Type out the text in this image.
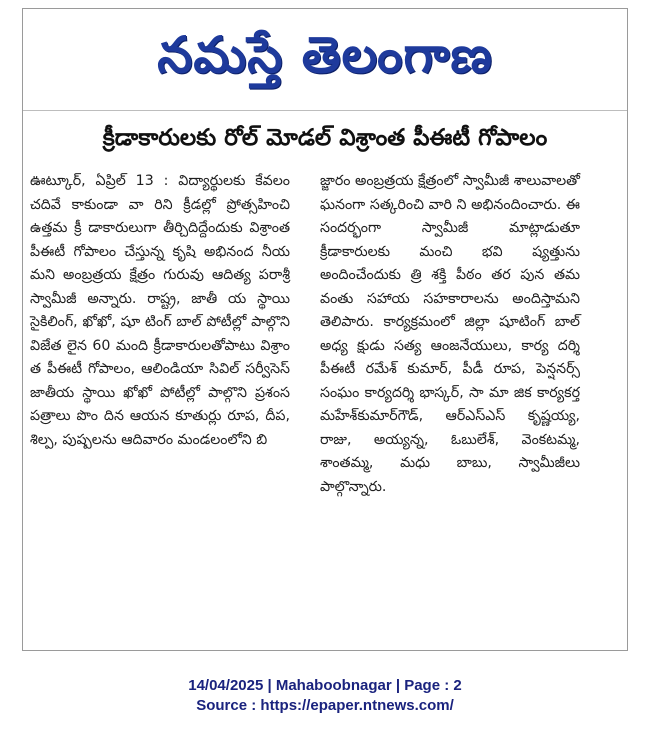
నమస్తే తెలంగాణ
క్రీడాకారులకు రోల్ మోడల్ విశ్రాంత పీఈటీ గోపాలం

ఊట్కూర్, ఏప్రిల్ 13 : విద్యార్థులకు కేవలం చదివే కాకుండా వా రిని క్రీడల్లో ప్రోత్సహించి ఉత్తమ క్రీ డాకారులుగా తీర్చిదిద్దేందుకు విశ్రాంత పీఈటీ గోపాలం చేస్తున్న కృషి అభినంద నీయ మని అంబ్రత్రయ క్షేత్రం గురువు ఆదిత్య పరాశ్రీ స్వామీజీ అన్నారు. రాష్ట్ర, జాతీ య స్థాయి సైకిలింగ్, ఖోఖో, షూ టింగ్ బాల్ పోటీల్లో పాల్గొని విజేత లైన 60 మంది క్రీడాకారులతోపాటు విశ్రాం త పీఈటీ గోపాలం, ఆలిండియా సివిల్ సర్వీసెస్ జాతీయ స్థాయి ఖోఖో పోటీల్లో పాల్గొని ప్రశంస పత్రాలు పొం దిన ఆయన కూతుర్లు రూప, దీప, శిల్ప, పుష్పలను ఆదివారం మండలంలోని బి

జ్జారం అంబ్రత్రయ క్షేత్రంలో స్వామీజీ శాలువాలతో ఘనంగా సత్కరించి వారి ని అభినందించారు. ఈ సందర్భంగా స్వామీజీ మాట్లాడుతూ క్రీడాకారులకు మంచి భవి ష్యత్తును అందించేందుకు త్రి శక్తి పీఠం తర పున తమ వంతు సహాయ సహకారాలను అందిస్తామని తెలిపారు. కార్యక్రమంలో జిల్లా షూటింగ్ బాల్ అధ్య క్షుడు సత్య ఆంజనేయులు, కార్య దర్శి పీఈటీ రమేశ్ కుమార్, పీడీ రూప, పెన్షనర్స్ సంఘం కార్యదర్శి భాస్కర్, సా మా జిక కార్యకర్త మహేశ్‌కుమార్‌గౌడ్, ఆర్ఎస్ఎస్ కృష్ణయ్య, రాజు, అయ్యన్న, ఓబులేశ్, వెంకటమ్మ, శాంతమ్మ, మధు బాబు, స్వామీజీలు పాల్గొన్నారు.

14/04/2025 | Mahaboobnagar | Page : 2
Source : https://epaper.ntnews.com/
